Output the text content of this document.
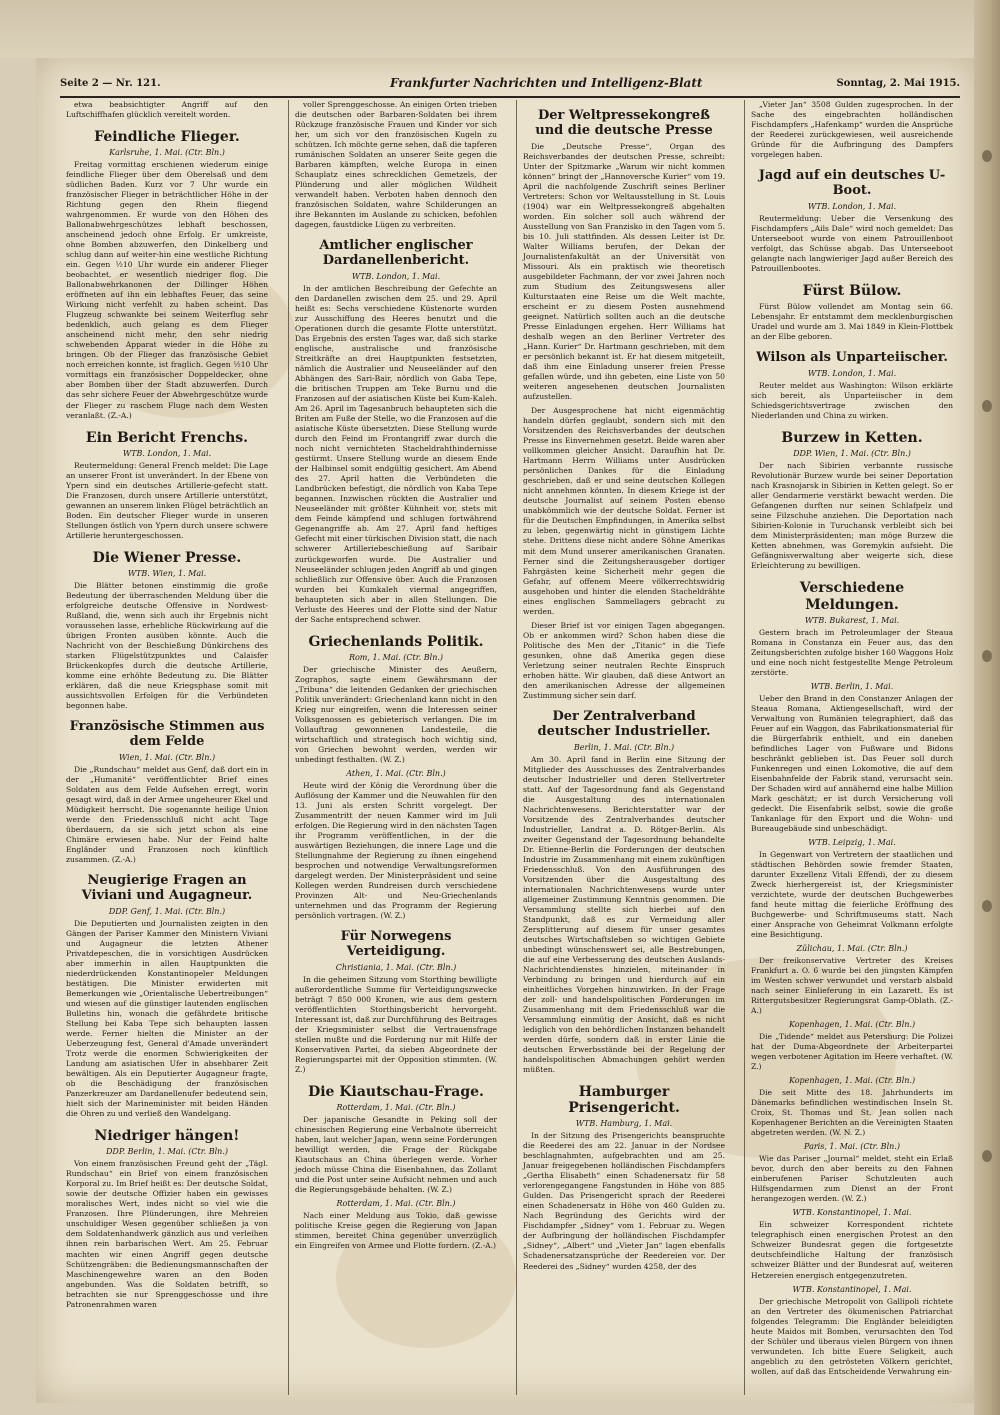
Seite 2 — Nr. 121.	Frankfurter Nachrichten und Intelligenz-Blatt	Sonntag, 2. Mai 1915.

etwa beabsichtigter Angriff auf den Luftschiffhafen glücklich vereitelt worden.

Feindliche Flieger.
Karlsruhe, 1. Mai. (Ctr. Bln.)

Freitag vormittag erschienen wiederum einige feindliche Flieger über dem Oberelsaß und dem südlichen Baden. Kurz vor 7 Uhr wurde ein französischer Flieger in beträchtlicher Höhe in der Richtung gegen den Rhein fliegend wahrgenommen. Er wurde von den Höhen des Ballonabwehrgeschützes lebhaft beschossen, anscheinend jedoch ohne Erfolg. Er umkreiste, ohne Bomben abzuwerfen, den Dinkelberg und schlug dann auf weiter-hin eine westliche Richtung ein. Gegen ½10 Uhr wurde ein anderer Flieger beobachtet, er wesentlich niedriger flog. Die Ballonabwehrkanonen der Dillinger Höhen eröffneten auf ihn ein lebhaftes Feuer, das seine Wirkung nicht verfehlt zu haben scheint. Das Flugzeug schwankte bei seinem Weiterflug sehr bedenklich, auch gelang es dem Flieger anscheinend nicht mehr, den sehr niedrig schwebenden Apparat wieder in die Höhe zu bringen. Ob der Flieger das französische Gebiet noch erreichen konnte, ist fraglich. Gegen ½10 Uhr vormittags ein französischer Doppeldecker, ohne aber Bomben über der Stadt abzuwerfen. Durch das sehr sichere Feuer der Abwehrgeschütze wurde der Flieger zu raschem Fluge nach dem Westen veranlaßt. (Z.-A.)

Ein Bericht Frenchs.
WTB. London, 1. Mai.

Reutermeldung: General French meldet: Die Lage an unserer Front ist unverändert. In der Ebene von Ypern sind ein deutsches Artillerie-gefecht statt. Die Franzosen, durch unsere Artillerie unterstützt, gewannen an unserem linken Flügel beträchtlich an Boden. Ein deutscher Flieger wurde in unseren Stellungen östlich von Ypern durch unsere schwere Artillerie heruntergeschossen.

Die Wiener Presse.
WTB. Wien, 1. Mai.

Die Blätter betonen einstimmig die große Bedeutung der überraschenden Meldung über die erfolgreiche deutsche Offensive in Nordwest-Rußland, die, wenn sich auch ihr Ergebnis nicht voraussehen lasse, erhebliche Rückwirkung auf die übrigen Fronten ausüben könnte. Auch die Nachricht von der Beschießung Dünkirchens des starken Flügelstützpunktes und Calaisfer Brückenkopfes durch die deutsche Artillerie, komme eine erhöhte Bedeutung zu. Die Blätter erklären, daß die neue Kriegsphase somit mit aussichtsvollen Erfolgen für die Verbündeten begonnen habe.

Französische Stimmen aus dem Felde
Wien, 1. Mai. (Ctr. Bln.)

Die „Rundschau“ meldet aus Genf, daß dort ein in der „Humanité“ veröffentlichter Brief eines Soldaten aus dem Felde Aufsehen erregt, worin gesagt wird, daß in der Armee ungeheurer Ekel und Müdigkeit herrscht. Die sogenannte heilige Union werde den Friedensschluß nicht acht Tage überdauern, da sie sich jetzt schon als eine Chimäre erwiesen habe. Nur der Feind halte Engländer und Franzosen noch künftlich zusammen. (Z.-A.)

Neugierige Fragen an Viviani und Augagneur.
DDP. Genf, 1. Mai. (Ctr. Bln.)

Die Deputierten und Journalisten zeigten in den Gängen der Pariser Kammer den Ministern Viviani und Augagneur die letzten Athener Privatdepeschen, die in vorsichtigen Ausdrücken aber immerhin in allen Hauptpunkten die niederdrückenden Konstantinopeler Meldungen bestätigen. Die Minister erwiderten mit Bemerkungen wie „Orientalische Uebertreibungen“ und wiesen auf die günstiger lautenden englischen Bulletins hin, wonach die gefährdete britische Stellung bei Kaba Tepe sich behaupten lassen werde. Ferner hielten die Minister an der Ueberzeugung fest, General d'Amade unverändert Trotz werde die enormen Schwierigkeiten der Landung am asiatischen Ufer in absehbarer Zeit bewältigen. Als ein Deputierter Augagneur fragte, ob die Beschädigung der französischen Panzerkreuzer am Dardanellenufer bedeutend sein, hielt sich der Marineminister mit beiden Händen die Ohren zu und verließ den Wandelgang.

Niedriger hängen!
DDP. Berlin, 1. Mai. (Ctr. Bln.)

Von einem französischen Freund geht der „Tägl. Rundschau“ ein Brief von einem französischen Korporal zu. Im Brief heißt es: Der deutsche Soldat, sowie der deutsche Offizier haben ein gewisses moralisches Wert, indes nicht so viel wie die Franzosen. Ihre Plünderungen, ihre Mehreien unschuldiger Wesen gegenüber schließen ja von dem Soldatenhandwerk gänzlich aus und verleihen ihnen rein barbarischen Wert. Am 25. Februar machten wir einen Angriff gegen deutsche Schützengräben: die Bedienungsmannschaften der Maschinengewehre waren an den Boden angebunden. Was die Soldaten betrifft, so betrachten sie nur Sprenggeschosse und ihre Patronenrahmen waren

voller Sprenggeschosse. An einigen Orten trieben die deutschen oder Barbaren-Soldaten bei ihrem Rückzuge französische Frauen und Kinder vor sich her, um sich vor den französischen Kugeln zu schützen. Ich möchte gerne sehen, daß die tapferen rumänischen Soldaten an unserer Seite gegen die Barbaren kämpften, welche Europa in einen Schauplatz eines schrecklichen Gemetzels, der Plünderung und aller möglichen Wildheit verwandelt haben. Verboten haben dennoch den französischen Soldaten, wahre Schilderungen an ihre Bekannten im Auslande zu schicken, befohlen dagegen, faustdicke Lügen zu verbreiten.

Amtlicher englischer Dardanellenbericht.
WTB. London, 1. Mai.

In der amtlichen Beschreibung der Gefechte an den Dardanellen zwischen dem 25. und 29. April heißt es: Sechs verschiedene Küstenorte wurden zur Ausschiffung des Heeres benutzt und die Operationen durch die gesamte Flotte unterstützt. Das Ergebnis des ersten Tages war, daß sich starke englische, australische und französische Streitkräfte an drei Hauptpunkten festsetzten, nämlich die Australier und Neuseeländer auf den Abhängen des Sari-Bair, nördlich von Gaba Tepe, die britischen Truppen am Teke Burnu und die Franzosen auf der asiatischen Küste bei Kum-Kaleh. Am 26. April im Tagesanbruch behaupteten sich die Briten am Fuße der Stelle, wo die Franzosen auf die asiatische Küste übersetzten. Diese Stellung wurde durch den Feind im Frontangriff zwar durch die noch nicht vernichteten Stacheldrahthindernisse gestürmt. Unsere Stellung wurde an diesem Ende der Halbinsel somit endgültig gesichert. Am Abend des 27. April hatten die Verbündeten die Landbrücken befestigt, die nördlich von Kaba Tepe begannen. Inzwischen rückten die Australier und Neuseeländer mit größter Kühnheit vor, stets mit dem Feinde kämpfend und schlugen fortwährend Gegenangriffe ab. Am 27. April fand heftiges Gefecht mit einer türkischen Division statt, die nach schwerer Artilleriebeschießung auf Saribair zurückgeworfen wurde. Die Australier und Neuseeländer schlugen jeden Angriff ab und gingen schließlich zur Offensive über. Auch die Franzosen wurden bei Kumkaleh viermal angegriffen, behaupteten sich aber in allen Stellungen. Die Verluste des Heeres und der Flotte sind der Natur der Sache entsprechend schwer.

Griechenlands Politik.
Rom, 1. Mai. (Ctr. Bln.)

Der griechische Minister des Aeußern, Zographos, sagte einem Gewährsmann der „Tribuna“ die leitenden Gedanken der griechischen Politik unverändert: Griechenland kann nicht in den Krieg nur eingreifen, wenn die Interessen seiner Volksgenossen es gebieterisch verlangen. Die im Vollauftrag gewonnenen Landesteile, die wirtschaftlich und strategisch hoch wichtig sind, von Griechen bewohnt werden, werden wir unbedingt festhalten. (W. Z.)

Athen, 1. Mai. (Ctr. Bln.)

Heute wird der König die Verordnung über die Auflösung der Kammer und die Neuwahlen für den 13. Juni als ersten Schritt vorgelegt. Der Zusammentritt der neuen Kammer wird im Juli erfolgen. Die Regierung wird in den nächsten Tagen ihr Programm veröffentlichen, in der die auswärtigen Beziehungen, die innere Lage und die Stellungnahme der Regierung zu ihnen eingehend besprochen und notwendige Verwaltungsreformen dargelegt werden. Der Ministerpräsident und seine Kollegen werden Rundreisen durch verschiedene Provinzen Alt- und Neu-Griechenlands unternehmen und das Programm der Regierung persönlich vortragen. (W. Z.)

Für Norwegens Verteidigung.
Christiania, 1. Mai. (Ctr. Bln.)

In die geheimen Sitzung vom Storthing bewilligte außerordentliche Summe für Verteidigungszwecke beträgt 7 850 000 Kronen, wie aus dem gestern veröffentlichten Storthingsbericht hervorgeht. Interessant ist, daß zur Durchführung des Beitrages der Kriegsminister selbst die Vertrauensfrage stellen mußte und die Forderung nur mit Hilfe der Konservativen Partei, da sieben Abgeordnete der Regierungspartei mit der Opposition stimmten. (W. Z.)

Die Kiautschau-Frage.
Rotterdam, 1. Mai. (Ctr. Bln.)

Der japanische Gesandte in Peking soll der chinesischen Regierung eine Verbalnote überreicht haben, laut welcher Japan, wenn seine Forderungen bewilligt werden, die Frage der Rückgabe Kiautschaus an China überlegen werde. Vorher jedoch müsse China die Eisenbahnen, das Zollamt und die Post unter seine Aufsicht nehmen und auch die Regierungsgebäude behalten. (W. Z.)

Rotterdam, 1. Mai. (Ctr. Bln.)

Nach einer Meldung aus Tokio, daß gewisse politische Kreise gegen die Regierung von Japan stimmen, bereitet China gegenüber unverzüglich ein Eingreifen von Armee und Flotte fordern. (Z.-A.)

Der Weltpressekongreß und die deutsche Presse

Die „Deutsche Presse“, Organ des Reichsverbandes der deutschen Presse, schreibt: Unter der Spitzmarke „Warum wir nicht kommen können“ bringt der „Hannoversche Kurier“ vom 19. April die nachfolgende Zuschrift seines Berliner Vertreters: Schon vor Weltausstellung in St. Louis (1904) war ein Weltpressekongreß abgehalten worden. Ein solcher soll auch während der Ausstellung von San Franzisko in den Tagen vom 5. bis 10. Juli stattfinden. Als dessen Leiter ist Dr. Walter Williams berufen, der Dekan der Journalistenfakultät an der Universität von Missouri. Als ein praktisch wie theoretisch ausgebildeter Fachmann, der vor zwei Jahren noch zum Studium des Zeitungswesens aller Kulturstaaten eine Reise um die Welt machte, erscheint er zu diesem Posten ausnehmend geeignet. Natürlich sollten auch an die deutsche Presse Einladungen ergehen. Herr Williams hat deshalb wegen an den Berliner Vertreter des „Hann. Kurier“ Dr. Hartmann geschrieben, mit dem er persönlich bekannt ist. Er hat diesem mitgeteilt, daß ihm eine Einladung unserer freien Presse gefallen würde, und ihn gebeten, eine Liste von 50 weiteren angesehenen deutschen Journalisten aufzustellen.

Der Ausgesprochene hat nicht eigenmächtig handeln dürfen geglaubt, sondern sich mit den Vorsitzenden des Reichsverbandes der deutschen Presse ins Einvernehmen gesetzt. Beide waren aber vollkommen gleicher Ansicht. Daraufhin hat Dr. Hartmann Herrn Williams unter Ausdrücken persönlichen Dankes für die Einladung geschrieben, daß er und seine deutschen Kollegen nicht annehmen könnten. In diesem Kriege ist der deutsche Journalist auf seinem Posten ebenso unabkömmlich wie der deutsche Soldat. Ferner ist für die Deutschen Empfindungen, in Amerika selbst zu leben, gegenwärtig nicht in günstigem Lichte stehe. Drittens diese nicht andere Söhne Amerikas mit dem Mund unserer amerikanischen Granaten. Ferner sind die Zeitungsherausgeber dortiger Fahrgästen keine Sicherheit mehr gegen die Gefahr, auf offenem Meere völkerrechtswidrig ausgehoben und hinter die elenden Stacheldrähte eines englischen Sammellagers gebracht zu werden.

Dieser Brief ist vor einigen Tagen abgegangen. Ob er ankommen wird? Schon haben diese die Politische des Men der „Titanic“ in die Tiefe gesunken, ohne daß Amerika gegen diese Verletzung seiner neutralen Rechte Einspruch erhoben hätte. Wir glauben, daß diese Antwort an den amerikanischen Adresse der allgemeinen Zustimmung sicher sein darf.

Der Zentralverband deutscher Industrieller.
Berlin, 1. Mai. (Ctr. Bln.)

Am 30. April fand in Berlin eine Sitzung der Mitglieder des Ausschusses des Zentralverbandes deutscher Industrieller und deren Stellvertreter statt. Auf der Tagesordnung fand als Gegenstand die Ausgestaltung des internationalen Nachrichtenwesens. Berichterstatter war der Vorsitzende des Zentralverbandes deutscher Industrieller, Landrat a. D. Rötger-Berlin. Als zweiter Gegenstand der Tagesordnung behandelte Dr. Etienne-Berlin die Forderungen der deutschen Industrie im Zusammenhang mit einem zukünftigen Friedensschluß. Von den Ausführungen des Vorsitzenden über die Ausgestaltung des internationalen Nachrichtenwesens wurde unter allgemeiner Zustimmung Kenntnis genommen. Die Versammlung stellte sich hierbei auf den Standpunkt, daß es zur Vermeidung aller Zersplitterung auf diesem für unser gesamtes deutsches Wirtschaftsleben so wichtigen Gebiete unbedingt wünschenswert sei, alle Bestrebungen, die auf eine Verbesserung des deutschen Auslands-Nachrichtendienstes hinzielen, miteinander in Verbindung zu bringen und hierdurch auf ein einheitliches Vorgehen hinzuwirken. In der Frage der zoll- und handelspolitischen Forderungen im Zusammenhang mit dem Friedensschluß war die Versammlung einmütig der Ansicht, daß es nicht lediglich von den behördlichen Instanzen behandelt werden dürfe, sondern daß in erster Linie die deutschen Erwerbsstände bei der Regelung der handelspolitischen Abmachungen gehört werden müßten.

Hamburger Prisengericht.
WTB. Hamburg, 1. Mai.

In der Sitzung des Prisengerichts beanspruchte die Reederei des am 22. Januar in der Nordsee beschlagnahmten, aufgebrachten und am 25. Januar freigegebenen holländischen Fischdampfers „Gertha Elisabeth“ einen Schadenersatz für 58 verlorengegangene Fangstunden in Höhe von 885 Gulden. Das Prisengericht sprach der Reederei einen Schadenersatz in Höhe von 460 Gulden zu. Nach Begründung des Gerichts wird der Fischdampfer „Sidney“ vom 1. Februar zu. Wegen der Aufbringung der holländischen Fischdampfer „Sidney“, „Albert“ und „Vieter Jan“ lagen ebenfalls Schadenersatzansprüche der Reedereien vor. Der Reederei des „Sidney“ wurden 4258, der des

„Vieter Jan“ 3508 Gulden zugesprochen. In der Sache des eingebrachten holländischen Fischdampfers „Hafenkamp“ wurden die Ansprüche der Reederei zurückgewiesen, weil ausreichende Gründe für die Aufbringung des Dampfers vorgelegen haben.

Jagd auf ein deutsches U-Boot.
WTB. London, 1. Mai.

Reutermeldung: Ueber die Versenkung des Fischdampfers „Ails Dale“ wird noch gemeldet: Das Unterseeboot wurde von einem Patrouillenboot verfolgt, das Schüsse abgab. Das Unterseeboot gelangte nach langwieriger Jagd außer Bereich des Patrouillenbootes.

Fürst Bülow.

Fürst Bülow vollendet am Montag sein 66. Lebensjahr. Er entstammt dem mecklenburgischen Uradel und wurde am 3. Mai 1849 in Klein-Flottbek an der Elbe geboren.

Wilson als Unparteiischer.
WTB. London, 1. Mai.

Reuter meldet aus Washington: Wilson erklärte sich bereit, als Unparteiischer in dem Schiedsgerichtsvertrage zwischen den Niederlanden und China zu wirken.

Burzew in Ketten.
DDP. Wien, 1. Mai. (Ctr. Bln.)

Der nach Sibirien verbannte russische Revolutionär Burzew wurde bei seiner Deportation nach Krasnojarsk in Sibirien in Ketten gelegt. So er aller Gendarmerie verstärkt bewacht werden. Die Gefangenen durften nur seinen Schlafpelz und seine Filzschuhe anziehen. Die Deportation nach Sibirien-Kolonie in Turuchansk verbleibt sich bei dem Ministerpräsidenten; man möge Burzew die Ketten abnehmen, was Goremykin aufsieht. Die Gefängnisverwaltung aber weigerte sich, diese Erleichterung zu bewilligen.

Verschiedene Meldungen.
WTB. Bukarest, 1. Mai.

Gestern brach im Petroleumlager der Steaua Romana in Constanza ein Feuer aus, das den Zeitungsberichten zufolge bisher 160 Waggons Holz und eine noch nicht festgestellte Menge Petroleum zerstörte.

WTB. Berlin, 1. Mai.

Ueber den Brand in den Constanzer Anlagen der Steaua Romana, Aktiengesellschaft, wird der Verwaltung von Rumänien telegraphiert, daß das Feuer auf ein Waggon, das Fabrikationsmaterial für die Bürgerfabrik enthielt, und ein daneben befindliches Lager von Fußware und Bidons beschränkt geblieben ist. Das Feuer soll durch Funkenregen und einen Lokomotive, die auf dem Eisenbahnfelde der Fabrik stand, verursacht sein. Der Schaden wird auf annähernd eine halbe Million Mark geschätzt; er ist durch Versicherung voll gedeckt. Die Eisenfabrik selbst, sowie die große Tankanlage für den Export und die Wohn- und Bureaugebäude sind unbeschädigt.

WTB. Leipzig, 1. Mai.

In Gegenwart von Vertretern der staatlichen und städtischen Behörden sowie fremder Staaten, darunter Exzellenz Vitali Effendi, der zu diesem Zweck hierhergereist ist, der Kriegsminister verzichtete, wurde der deutschen Buchgewerbes fand heute mittag die feierliche Eröffnung des Buchgewerbe- und Schriftmuseums statt. Nach einer Ansprache von Geheimrat Volkmann erfolgte eine Besichtigung.

Zülichau, 1. Mai. (Ctr. Bln.)

Der freikonservative Vertreter des Kreises Frankfurt a. O. 6 wurde bei den jüngsten Kämpfen im Westen schwer verwundet und verstarb alsbald nach seiner Einlieferung in ein Lazarett. Es ist Rittergutsbesitzer Regierungsrat Gamp-Oblath. (Z.-A.)

Kopenhagen, 1. Mai. (Ctr. Bln.)

Die „Tidende“ meldet aus Petersburg: Die Polizei hat der Duma-Abgeordnete der Arbeiterpartei wegen verbotener Agitation im Heere verhaftet. (W. Z.)

Kopenhagen, 1. Mai. (Ctr. Bln.)

Die seit Mitte des 18. Jahrhunderts im Dänemarks befindlichen westindischen Inseln St. Croix, St. Thomas und St. Jean sollen nach Kopenhagener Berichten an die Vereinigten Staaten abgetreten werden. (W. N. Z.)

Paris, 1. Mai. (Ctr. Bln.)

Wie das Pariser „Journal“ meldet, steht ein Erlaß bevor, durch den aber bereits zu den Fahnen einberufenen Pariser Schutzleuten auch Hilfsgendarmen zum Dienst an der Front herangezogen werden. (W. Z.)

WTB. Konstantinopel, 1. Mai.

Ein schweizer Korrespondent richtete telegraphisch einen energischen Protest an den Schweizer Bundesrat gegen die fortgesetzte deutschfeindliche Haltung der französisch schweizer Blätter und der Bundesrat auf, weiteren Hetzereien energisch entgegenzutreten.

WTB. Konstantinopel, 1. Mai.

Der griechische Metropolit von Gallipoli richtete an den Vertreter des ökumenischen Patriarchat folgendes Telegramm: Die Engländer beleidigten heute Maidos mit Bomben, verursachten den Tod der Schüler und überaus vielen Bürgern von ihnen verwundeten. Ich bitte Euere Seligkeit, auch angeblich zu den getrösteten Völkern gerichtet, wollen, auf daß das Entscheidende Verwahrung ein-
